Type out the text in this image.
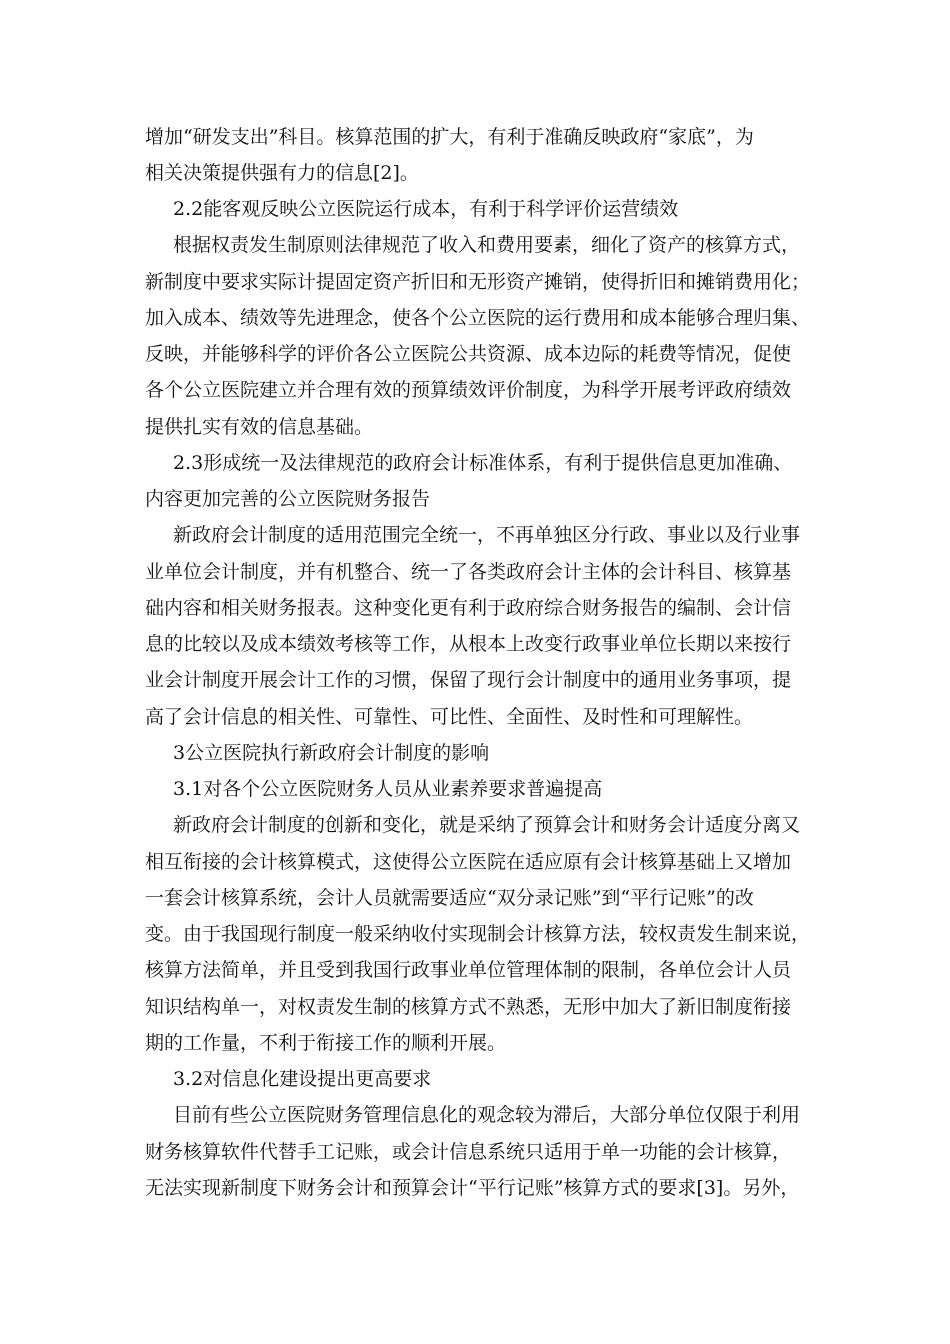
增加“研发支出”科目。核算范围的扩大，有利于准确反映政府“家底”，为
相关决策提供强有力的信息[2]。
2.2能客观反映公立医院运行成本，有利于科学评价运营绩效
根据权责发生制原则法律规范了收入和费用要素，细化了资产的核算方式，
新制度中要求实际计提固定资产折旧和无形资产摊销，使得折旧和摊销费用化；
加入成本、绩效等先进理念，使各个公立医院的运行费用和成本能够合理归集、
反映，并能够科学的评价各公立医院公共资源、成本边际的耗费等情况，促使
各个公立医院建立并合理有效的预算绩效评价制度，为科学开展考评政府绩效
提供扎实有效的信息基础。
2.3形成统一及法律规范的政府会计标准体系，有利于提供信息更加准确、
内容更加完善的公立医院财务报告
新政府会计制度的适用范围完全统一，不再单独区分行政、事业以及行业事
业单位会计制度，并有机整合、统一了各类政府会计主体的会计科目、核算基
础内容和相关财务报表。这种变化更有利于政府综合财务报告的编制、会计信
息的比较以及成本绩效考核等工作，从根本上改变行政事业单位长期以来按行
业会计制度开展会计工作的习惯，保留了现行会计制度中的通用业务事项，提
高了会计信息的相关性、可靠性、可比性、全面性、及时性和可理解性。
3公立医院执行新政府会计制度的影响
3.1对各个公立医院财务人员从业素养要求普遍提高
新政府会计制度的创新和变化，就是采纳了预算会计和财务会计适度分离又
相互衔接的会计核算模式，这使得公立医院在适应原有会计核算基础上又增加
一套会计核算系统，会计人员就需要适应“双分录记账”到“平行记账”的改
变。由于我国现行制度一般采纳收付实现制会计核算方法，较权责发生制来说，
核算方法简单，并且受到我国行政事业单位管理体制的限制，各单位会计人员
知识结构单一，对权责发生制的核算方式不熟悉，无形中加大了新旧制度衔接
期的工作量，不利于衔接工作的顺利开展。
3.2对信息化建设提出更高要求
目前有些公立医院财务管理信息化的观念较为滞后，大部分单位仅限于利用
财务核算软件代替手工记账，或会计信息系统只适用于单一功能的会计核算，
无法实现新制度下财务会计和预算会计“平行记账”核算方式的要求[3]。另外，
